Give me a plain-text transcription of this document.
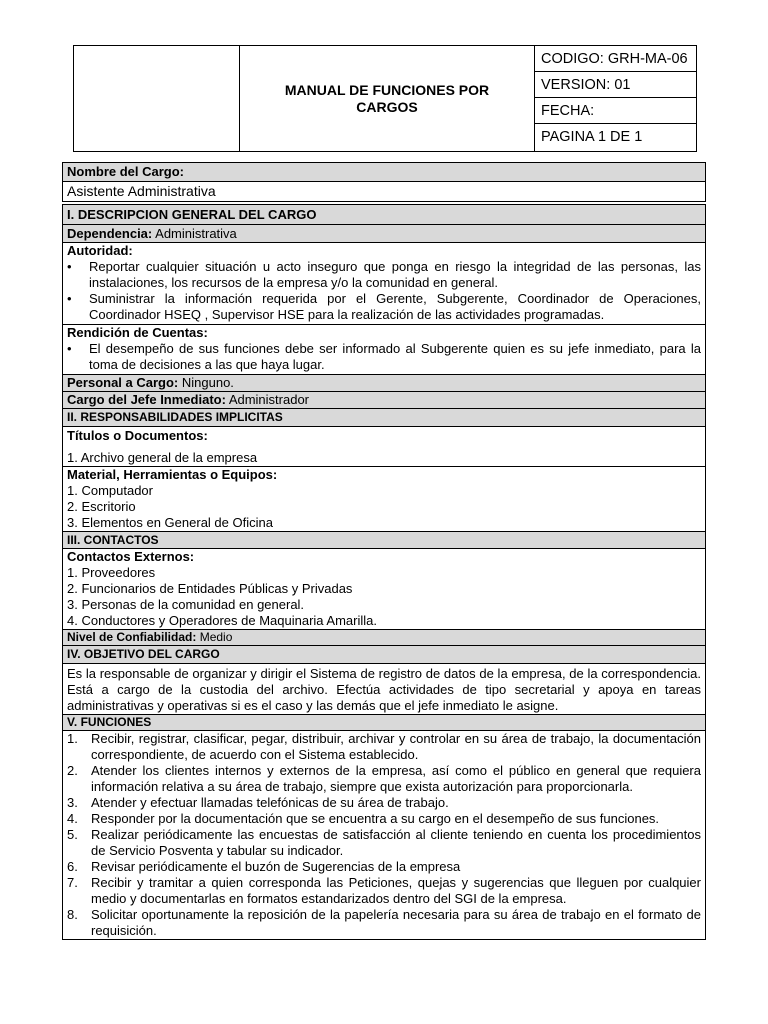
MANUAL DE FUNCIONES POR
CARGOS
CODIGO: GRH-MA-06
VERSION: 01
FECHA:
PAGINA 1 DE 1
Nombre del Cargo:
Asistente Administrativa
I. DESCRIPCION GENERAL DEL CARGO
Dependencia: Administrativa
Autoridad:
• Reportar cualquier situación u acto inseguro que ponga en riesgo la integridad de las personas, las instalaciones, los recursos de la empresa y/o la comunidad en general.
• Suministrar la información requerida por el Gerente, Subgerente, Coordinador de Operaciones, Coordinador HSEQ , Supervisor HSE para la realización de las actividades programadas.
Rendición de Cuentas:
• El desempeño de sus funciones debe ser informado al Subgerente quien es su jefe inmediato, para la toma de decisiones a las que haya lugar.
Personal a Cargo: Ninguno.
Cargo del Jefe Inmediato: Administrador
II. RESPONSABILIDADES IMPLICITAS
Títulos o Documentos:
1. Archivo general de la empresa
Material, Herramientas o Equipos:
1. Computador
2. Escritorio
3. Elementos en General de Oficina
III. CONTACTOS
Contactos Externos:
1. Proveedores
2. Funcionarios de Entidades Públicas y Privadas
3. Personas de la comunidad en general.
4. Conductores y Operadores de Maquinaria Amarilla.
Nivel de Confiabilidad: Medio
IV. OBJETIVO DEL CARGO
Es la responsable de organizar y dirigir el Sistema de registro de datos de la empresa, de la correspondencia. Está a cargo de la custodia del archivo. Efectúa actividades de tipo secretarial y apoya en tareas administrativas y operativas si es el caso y las demás que el jefe inmediato le asigne.
V. FUNCIONES
1. Recibir, registrar, clasificar, pegar, distribuir, archivar y controlar en su área de trabajo, la documentación correspondiente, de acuerdo con el Sistema establecido.
2. Atender los clientes internos y externos de la empresa, así como el público en general que requiera información relativa a su área de trabajo, siempre que exista autorización para proporcionarla.
3. Atender y efectuar llamadas telefónicas de su área de trabajo.
4. Responder por la documentación que se encuentra a su cargo en el desempeño de sus funciones.
5. Realizar periódicamente las encuestas de satisfacción al cliente teniendo en cuenta los procedimientos de Servicio Posventa y tabular su indicador.
6. Revisar periódicamente el buzón de Sugerencias de la empresa
7. Recibir y tramitar a quien corresponda las Peticiones, quejas y sugerencias que lleguen por cualquier medio y documentarlas en formatos estandarizados dentro del SGI de la empresa.
8. Solicitar oportunamente la reposición de la papelería necesaria para su área de trabajo en el formato de requisición.
